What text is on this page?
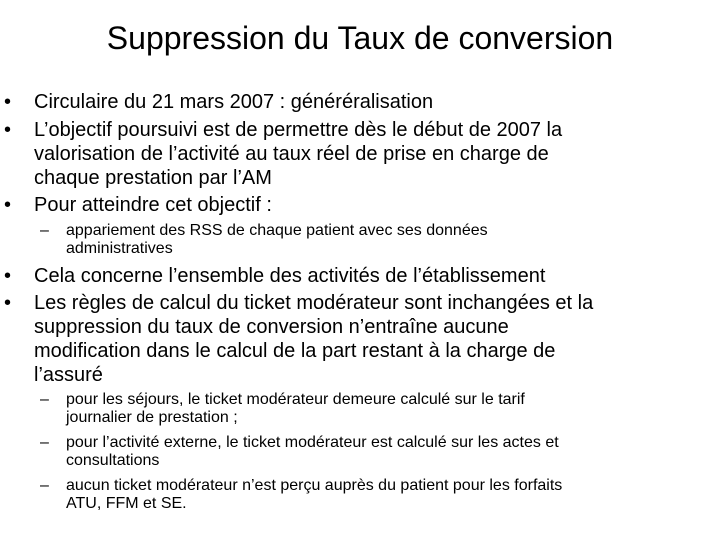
Suppression du Taux de conversion
•	Circulaire du 21 mars 2007 : généréralisation
•	L’objectif poursuivi est de permettre dès le début de 2007 la
valorisation de l’activité au taux réel de prise en charge de
chaque prestation par l’AM
•	Pour atteindre cet objectif :
– appariement des RSS de chaque patient avec ses données
administratives
•	Cela concerne l’ensemble des activités de l’établissement
•	Les règles de calcul du ticket modérateur sont inchangées et la
suppression du taux de conversion n’entraîne aucune
modification dans le calcul de la part restant à la charge de
l’assuré
– pour les séjours, le ticket modérateur demeure calculé sur le tarif
journalier de prestation ;
– pour l’activité externe, le ticket modérateur est calculé sur les actes et
consultations
– aucun ticket modérateur n’est perçu auprès du patient pour les forfaits
ATU, FFM et SE.
